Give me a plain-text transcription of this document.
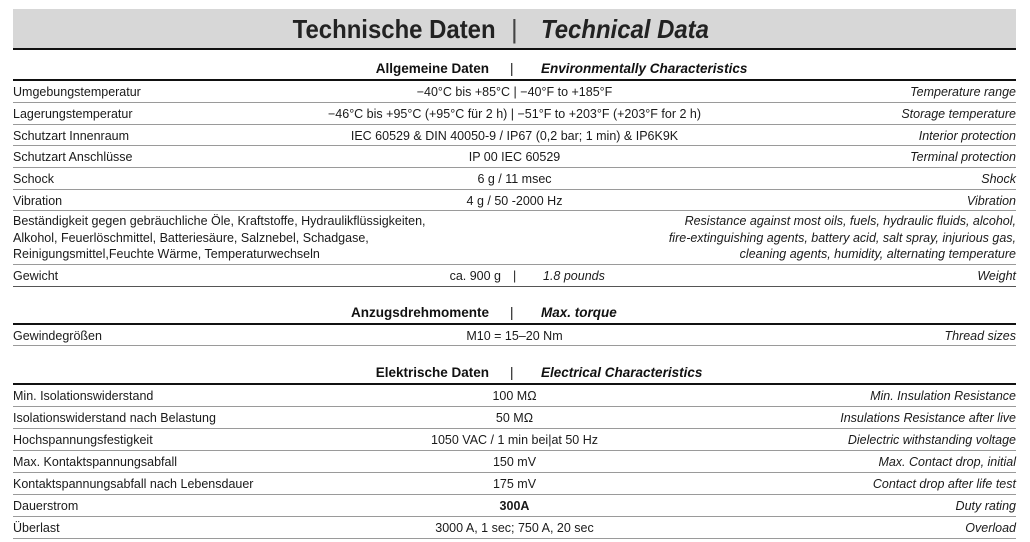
Technische Daten | Technical Data
Allgemeine Daten | Environmentally Characteristics
Umgebungstemperatur	−40°C bis +85°C | −40°F to +185°F	Temperature range
Lagerungstemperatur	−46°C bis +95°C (+95°C für 2 h) | −51°F to +203°F (+203°F for 2 h)	Storage temperature
Schutzart Innenraum	IEC 60529 & DIN 40050-9 / IP67 (0,2 bar; 1 min) & IP6K9K	Interior protection
Schutzart Anschlüsse	IP 00 IEC 60529	Terminal protection
Schock	6 g / 11 msec	Shock
Vibration	4 g / 50 -2000 Hz	Vibration
Beständigkeit gegen gebräuchliche Öle, Kraftstoffe, Hydraulikflüssigkeiten,
Alkohol, Feuerlöschmittel, Batteriesäure, Salznebel, Schadgase,
Reinigungsmittel,Feuchte Wärme, Temperaturwechseln
Resistance against most oils, fuels, hydraulic fluids, alcohol,
fire-extinguishing agents, battery acid, salt spray, injurious gas,
cleaning agents, humidity, alternating temperature
Gewicht	ca. 900 g | 1.8 pounds	Weight
Anzugsdrehmomente | Max. torque
Gewindegrößen	M10 = 15–20 Nm	Thread sizes
Elektrische Daten | Electrical Characteristics
Min. Isolationswiderstand	100 MΩ	Min. Insulation Resistance
Isolationswiderstand nach Belastung	50 MΩ	Insulations Resistance after live
Hochspannungsfestigkeit	1050 VAC / 1 min bei|at 50 Hz	Dielectric withstanding voltage
Max. Kontaktspannungsabfall	150 mV	Max. Contact drop, initial
Kontaktspannungsabfall nach Lebensdauer	175 mV	Contact drop after life test
Dauerstrom	300A	Duty rating
Überlast	3000 A, 1 sec; 750 A, 20 sec	Overload
